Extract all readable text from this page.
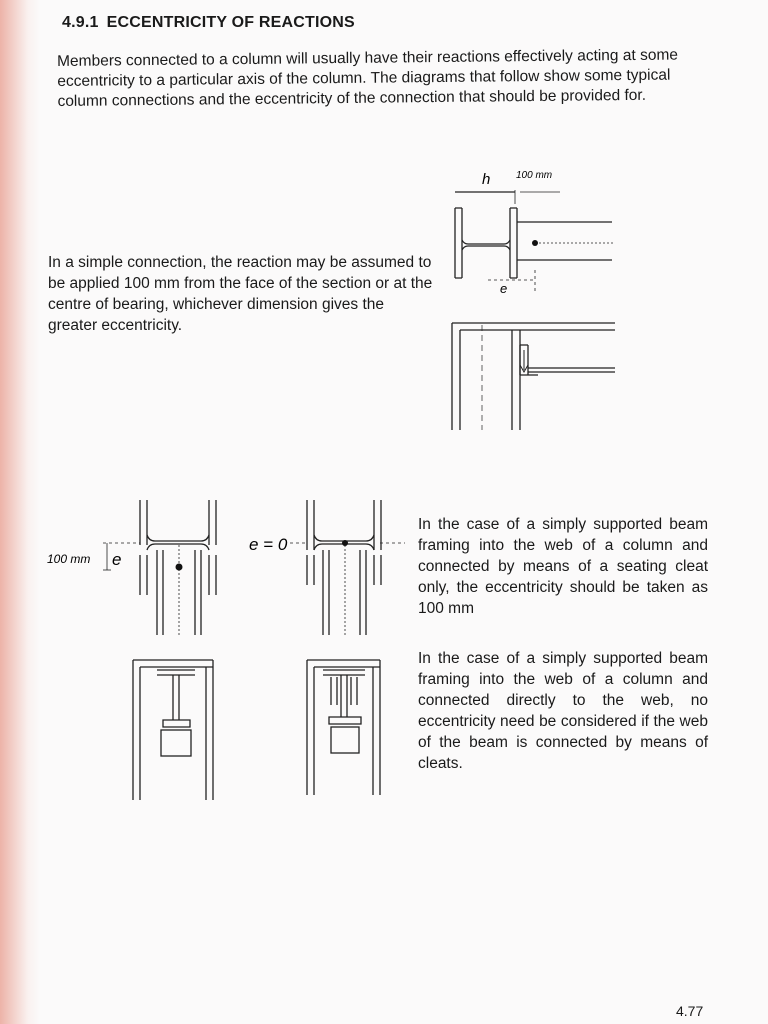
4.9.1 ECCENTRICITY OF REACTIONS
Members connected to a column will usually have their reactions effectively acting at some eccentricity to a particular axis of the column. The diagrams that follow show some typical column connections and the eccentricity of the connection that should be provided for.
In a simple connection, the reaction may be assumed to be applied 100 mm from the face of the section or at the centre of bearing, whichever dimension gives the greater eccentricity.
In the case of a simply supported beam framing into the web of a column and connected by means of a seating cleat only, the eccentricity should be taken as 100 mm
In the case of a simply supported beam framing into the web of a column and connected directly to the web, no eccentricity need be considered if the web of the beam is connected by means of cleats.
h	100 mm
e
100 mm e
e = 0
4.77
